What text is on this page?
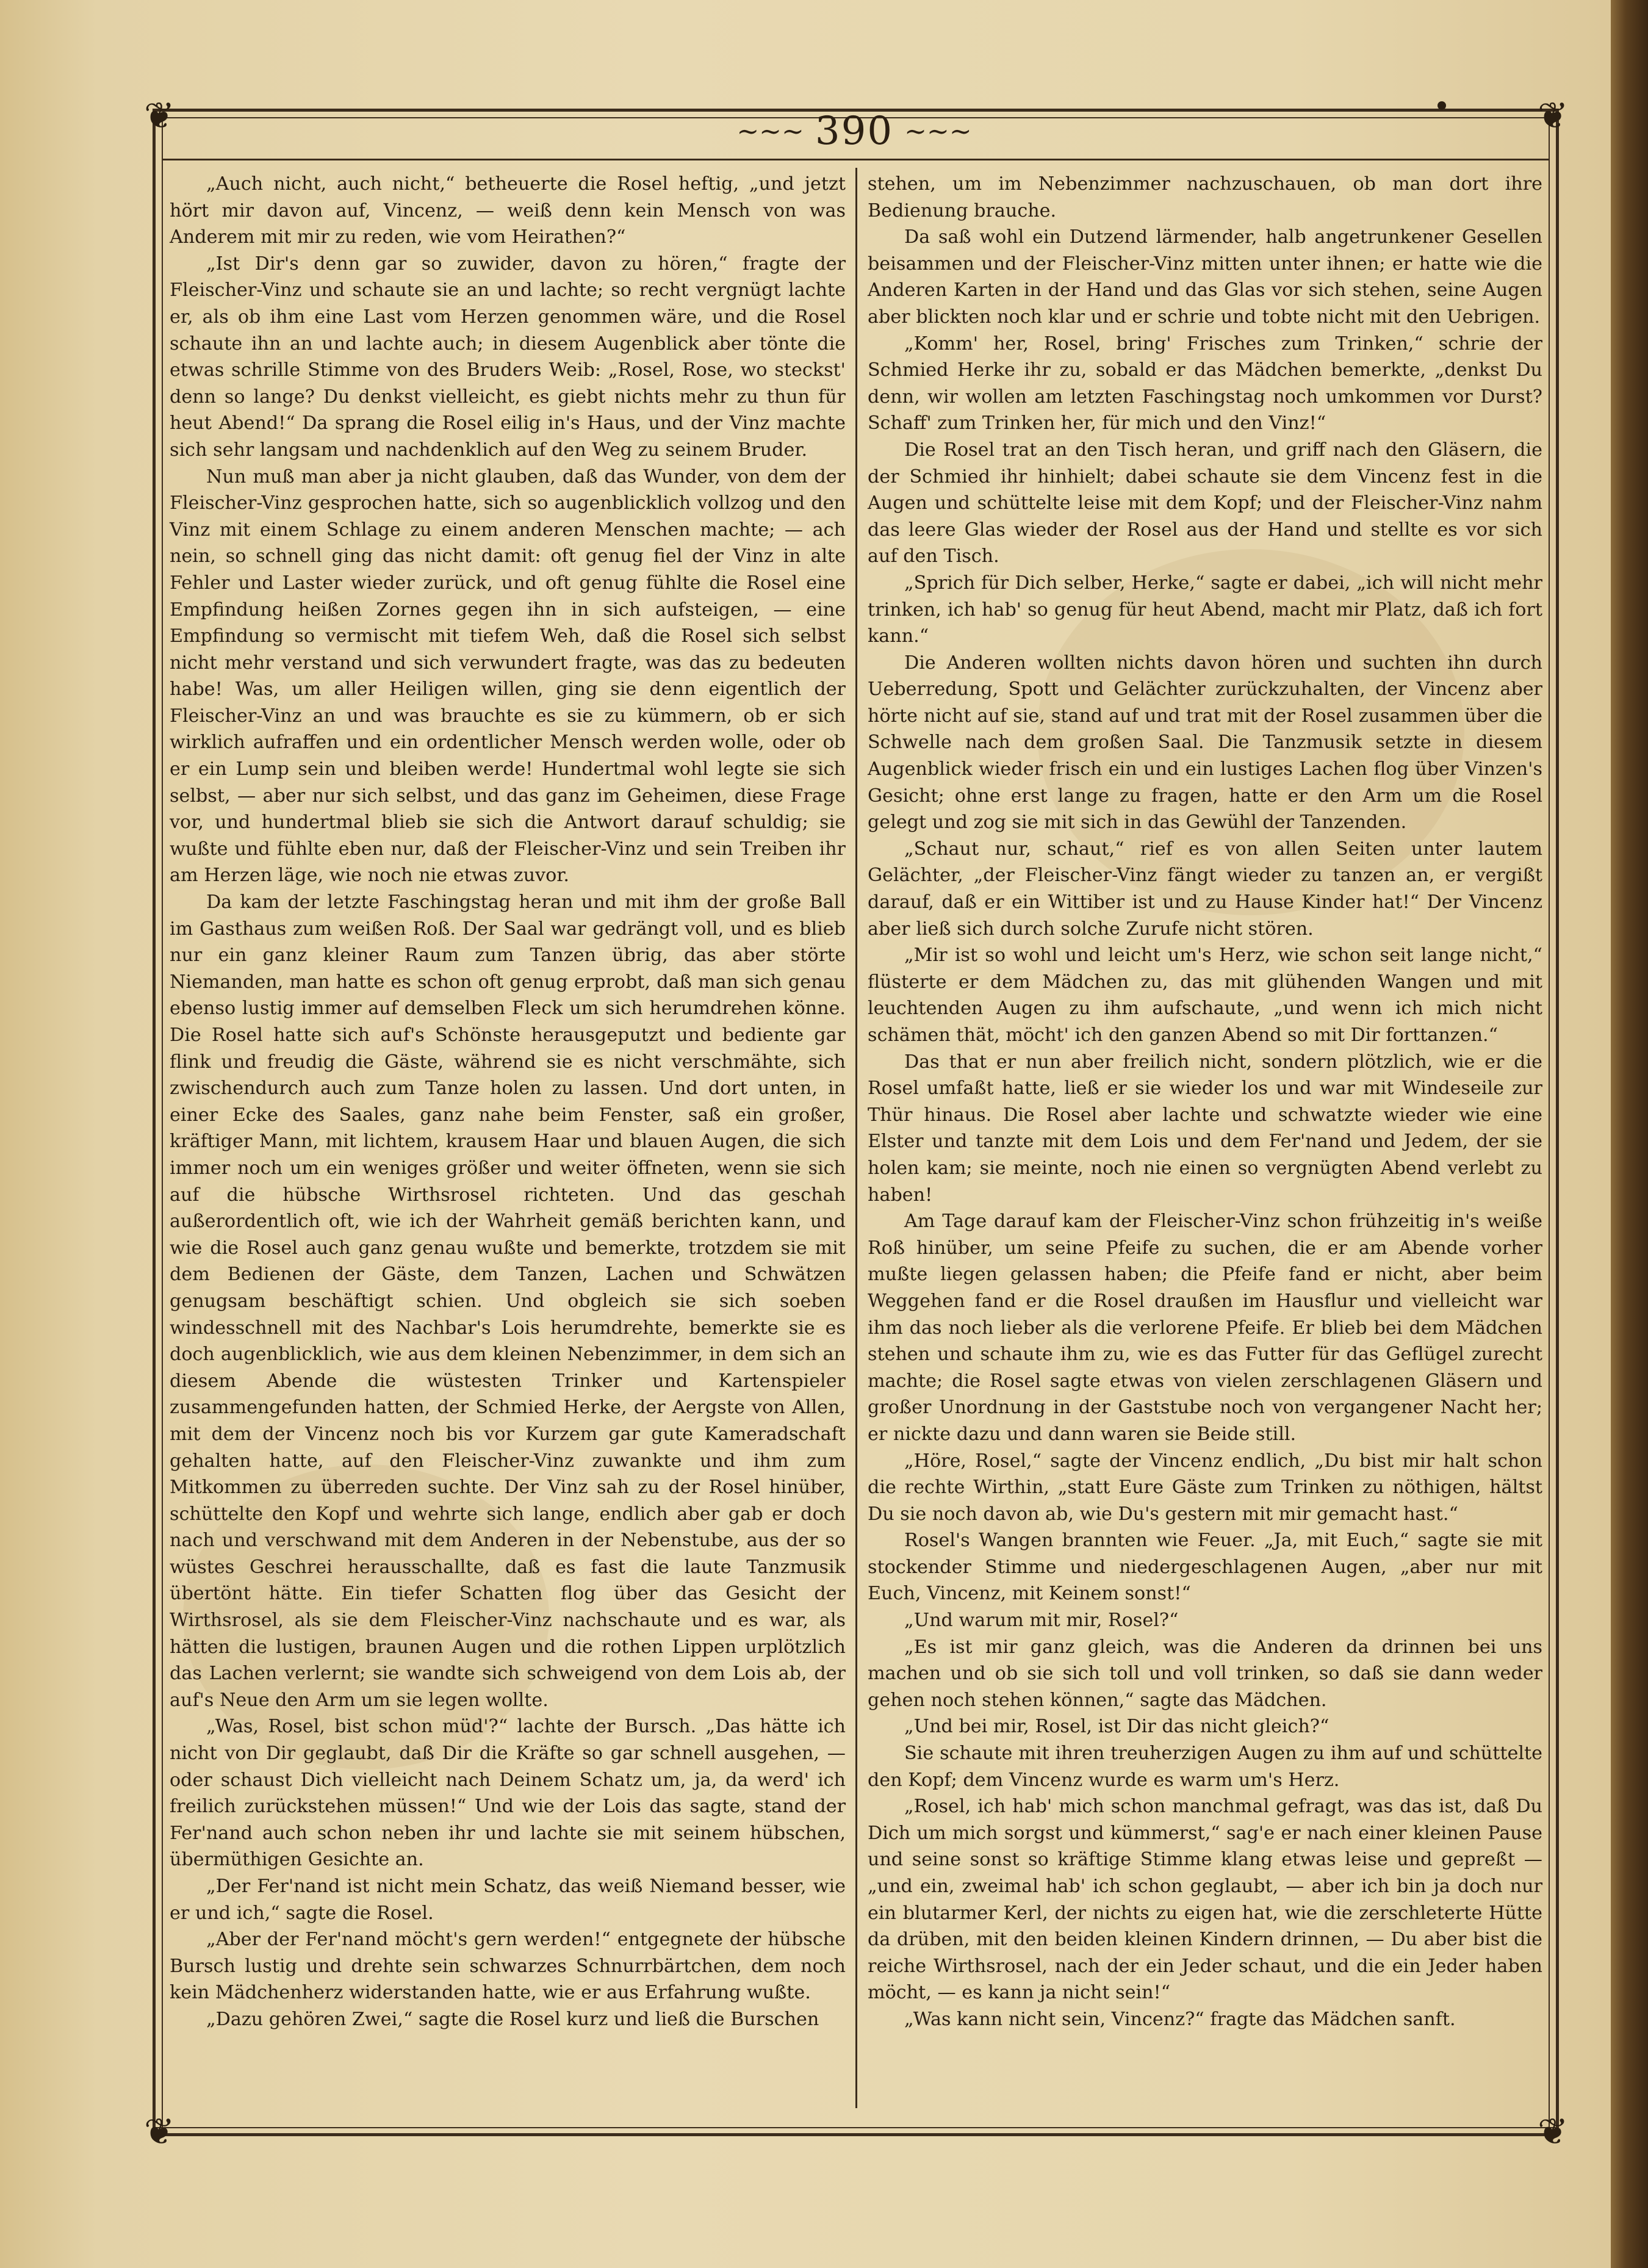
❦	❦
❦	❦
~~~ 390 ~~~

„Auch nicht, auch nicht,“ betheuerte die Rosel heftig, „und jetzt hört mir davon auf, Vincenz, — weiß denn kein Mensch von was Anderem mit mir zu reden, wie vom Heirathen?“

„Ist Dir's denn gar so zuwider, davon zu hören,“ fragte der Fleischer-Vinz und schaute sie an und lachte; so recht vergnügt lachte er, als ob ihm eine Last vom Herzen genommen wäre, und die Rosel schaute ihn an und lachte auch; in diesem Augenblick aber tönte die etwas schrille Stimme von des Bruders Weib: „Rosel, Rose, wo steckst' denn so lange? Du denkst vielleicht, es giebt nichts mehr zu thun für heut Abend!“ Da sprang die Rosel eilig in's Haus, und der Vinz machte sich sehr langsam und nachdenklich auf den Weg zu seinem Bruder.

Nun muß man aber ja nicht glauben, daß das Wunder, von dem der Fleischer-Vinz gesprochen hatte, sich so augenblicklich vollzog und den Vinz mit einem Schlage zu einem anderen Menschen machte; — ach nein, so schnell ging das nicht damit: oft genug fiel der Vinz in alte Fehler und Laster wieder zurück, und oft genug fühlte die Rosel eine Empfindung heißen Zornes gegen ihn in sich aufsteigen, — eine Empfindung so vermischt mit tiefem Weh, daß die Rosel sich selbst nicht mehr verstand und sich verwundert fragte, was das zu bedeuten habe! Was, um aller Heiligen willen, ging sie denn eigentlich der Fleischer-Vinz an und was brauchte es sie zu kümmern, ob er sich wirklich aufraffen und ein ordentlicher Mensch werden wolle, oder ob er ein Lump sein und bleiben werde! Hundertmal wohl legte sie sich selbst, — aber nur sich selbst, und das ganz im Geheimen, diese Frage vor, und hundertmal blieb sie sich die Antwort darauf schuldig; sie wußte und fühlte eben nur, daß der Fleischer-Vinz und sein Treiben ihr am Herzen läge, wie noch nie etwas zuvor.

Da kam der letzte Faschingstag heran und mit ihm der große Ball im Gasthaus zum weißen Roß. Der Saal war gedrängt voll, und es blieb nur ein ganz kleiner Raum zum Tanzen übrig, das aber störte Niemanden, man hatte es schon oft genug erprobt, daß man sich genau ebenso lustig immer auf demselben Fleck um sich herumdrehen könne. Die Rosel hatte sich auf's Schönste herausgeputzt und bediente gar flink und freudig die Gäste, während sie es nicht verschmähte, sich zwischendurch auch zum Tanze holen zu lassen. Und dort unten, in einer Ecke des Saales, ganz nahe beim Fenster, saß ein großer, kräftiger Mann, mit lichtem, krausem Haar und blauen Augen, die sich immer noch um ein weniges größer und weiter öffneten, wenn sie sich auf die hübsche Wirthsrosel richteten. Und das geschah außerordentlich oft, wie ich der Wahrheit gemäß berichten kann, und wie die Rosel auch ganz genau wußte und bemerkte, trotzdem sie mit dem Bedienen der Gäste, dem Tanzen, Lachen und Schwätzen genugsam beschäftigt schien. Und obgleich sie sich soeben windesschnell mit des Nachbar's Lois herumdrehte, bemerkte sie es doch augenblicklich, wie aus dem kleinen Nebenzimmer, in dem sich an diesem Abende die wüstesten Trinker und Kartenspieler zusammengefunden hatten, der Schmied Herke, der Aergste von Allen, mit dem der Vincenz noch bis vor Kurzem gar gute Kameradschaft gehalten hatte, auf den Fleischer-Vinz zuwankte und ihm zum Mitkommen zu überreden suchte. Der Vinz sah zu der Rosel hinüber, schüttelte den Kopf und wehrte sich lange, endlich aber gab er doch nach und verschwand mit dem Anderen in der Nebenstube, aus der so wüstes Geschrei herausschallte, daß es fast die laute Tanzmusik übertönt hätte. Ein tiefer Schatten flog über das Gesicht der Wirthsrosel, als sie dem Fleischer-Vinz nachschaute und es war, als hätten die lustigen, braunen Augen und die rothen Lippen urplötzlich das Lachen verlernt; sie wandte sich schweigend von dem Lois ab, der auf's Neue den Arm um sie legen wollte.

„Was, Rosel, bist schon müd'?“ lachte der Bursch. „Das hätte ich nicht von Dir geglaubt, daß Dir die Kräfte so gar schnell ausgehen, — oder schaust Dich vielleicht nach Deinem Schatz um, ja, da werd' ich freilich zurückstehen müssen!“ Und wie der Lois das sagte, stand der Fer'nand auch schon neben ihr und lachte sie mit seinem hübschen, übermüthigen Gesichte an.

„Der Fer'nand ist nicht mein Schatz, das weiß Niemand besser, wie er und ich,“ sagte die Rosel.

„Aber der Fer'nand möcht's gern werden!“ entgegnete der hübsche Bursch lustig und drehte sein schwarzes Schnurrbärtchen, dem noch kein Mädchenherz widerstanden hatte, wie er aus Erfahrung wußte.

„Dazu gehören Zwei,“ sagte die Rosel kurz und ließ die Burschen

stehen, um im Nebenzimmer nachzuschauen, ob man dort ihre Bedienung brauche.

Da saß wohl ein Dutzend lärmender, halb angetrunkener Gesellen beisammen und der Fleischer-Vinz mitten unter ihnen; er hatte wie die Anderen Karten in der Hand und das Glas vor sich stehen, seine Augen aber blickten noch klar und er schrie und tobte nicht mit den Uebrigen.

„Komm' her, Rosel, bring' Frisches zum Trinken,“ schrie der Schmied Herke ihr zu, sobald er das Mädchen bemerkte, „denkst Du denn, wir wollen am letzten Faschingstag noch umkommen vor Durst? Schaff' zum Trinken her, für mich und den Vinz!“

Die Rosel trat an den Tisch heran, und griff nach den Gläsern, die der Schmied ihr hinhielt; dabei schaute sie dem Vincenz fest in die Augen und schüttelte leise mit dem Kopf; und der Fleischer-Vinz nahm das leere Glas wieder der Rosel aus der Hand und stellte es vor sich auf den Tisch.

„Sprich für Dich selber, Herke,“ sagte er dabei, „ich will nicht mehr trinken, ich hab' so genug für heut Abend, macht mir Platz, daß ich fort kann.“

Die Anderen wollten nichts davon hören und suchten ihn durch Ueberredung, Spott und Gelächter zurückzuhalten, der Vincenz aber hörte nicht auf sie, stand auf und trat mit der Rosel zusammen über die Schwelle nach dem großen Saal. Die Tanzmusik setzte in diesem Augenblick wieder frisch ein und ein lustiges Lachen flog über Vinzen's Gesicht; ohne erst lange zu fragen, hatte er den Arm um die Rosel gelegt und zog sie mit sich in das Gewühl der Tanzenden.

„Schaut nur, schaut,“ rief es von allen Seiten unter lautem Gelächter, „der Fleischer-Vinz fängt wieder zu tanzen an, er vergißt darauf, daß er ein Wittiber ist und zu Hause Kinder hat!“ Der Vincenz aber ließ sich durch solche Zurufe nicht stören.

„Mir ist so wohl und leicht um's Herz, wie schon seit lange nicht,“ flüsterte er dem Mädchen zu, das mit glühenden Wangen und mit leuchtenden Augen zu ihm aufschaute, „und wenn ich mich nicht schämen thät, möcht' ich den ganzen Abend so mit Dir forttanzen.“

Das that er nun aber freilich nicht, sondern plötzlich, wie er die Rosel umfaßt hatte, ließ er sie wieder los und war mit Windeseile zur Thür hinaus. Die Rosel aber lachte und schwatzte wieder wie eine Elster und tanzte mit dem Lois und dem Fer'nand und Jedem, der sie holen kam; sie meinte, noch nie einen so vergnügten Abend verlebt zu haben!

Am Tage darauf kam der Fleischer-Vinz schon frühzeitig in's weiße Roß hinüber, um seine Pfeife zu suchen, die er am Abende vorher mußte liegen gelassen haben; die Pfeife fand er nicht, aber beim Weggehen fand er die Rosel draußen im Hausflur und vielleicht war ihm das noch lieber als die verlorene Pfeife. Er blieb bei dem Mädchen stehen und schaute ihm zu, wie es das Futter für das Geflügel zurecht machte; die Rosel sagte etwas von vielen zerschlagenen Gläsern und großer Unordnung in der Gaststube noch von vergangener Nacht her; er nickte dazu und dann waren sie Beide still.

„Höre, Rosel,“ sagte der Vincenz endlich, „Du bist mir halt schon die rechte Wirthin, „statt Eure Gäste zum Trinken zu nöthigen, hältst Du sie noch davon ab, wie Du's gestern mit mir gemacht hast.“

Rosel's Wangen brannten wie Feuer. „Ja, mit Euch,“ sagte sie mit stockender Stimme und niedergeschlagenen Augen, „aber nur mit Euch, Vincenz, mit Keinem sonst!“

„Und warum mit mir, Rosel?“

„Es ist mir ganz gleich, was die Anderen da drinnen bei uns machen und ob sie sich toll und voll trinken, so daß sie dann weder gehen noch stehen können,“ sagte das Mädchen.

„Und bei mir, Rosel, ist Dir das nicht gleich?“

Sie schaute mit ihren treuherzigen Augen zu ihm auf und schüttelte den Kopf; dem Vincenz wurde es warm um's Herz.

„Rosel, ich hab' mich schon manchmal gefragt, was das ist, daß Du Dich um mich sorgst und kümmerst,“ sag'e er nach einer kleinen Pause und seine sonst so kräftige Stimme klang etwas leise und gepreßt — „und ein, zweimal hab' ich schon geglaubt, — aber ich bin ja doch nur ein blutarmer Kerl, der nichts zu eigen hat, wie die zerschleterte Hütte da drüben, mit den beiden kleinen Kindern drinnen, — Du aber bist die reiche Wirthsrosel, nach der ein Jeder schaut, und die ein Jeder haben möcht, — es kann ja nicht sein!“

„Was kann nicht sein, Vincenz?“ fragte das Mädchen sanft.
